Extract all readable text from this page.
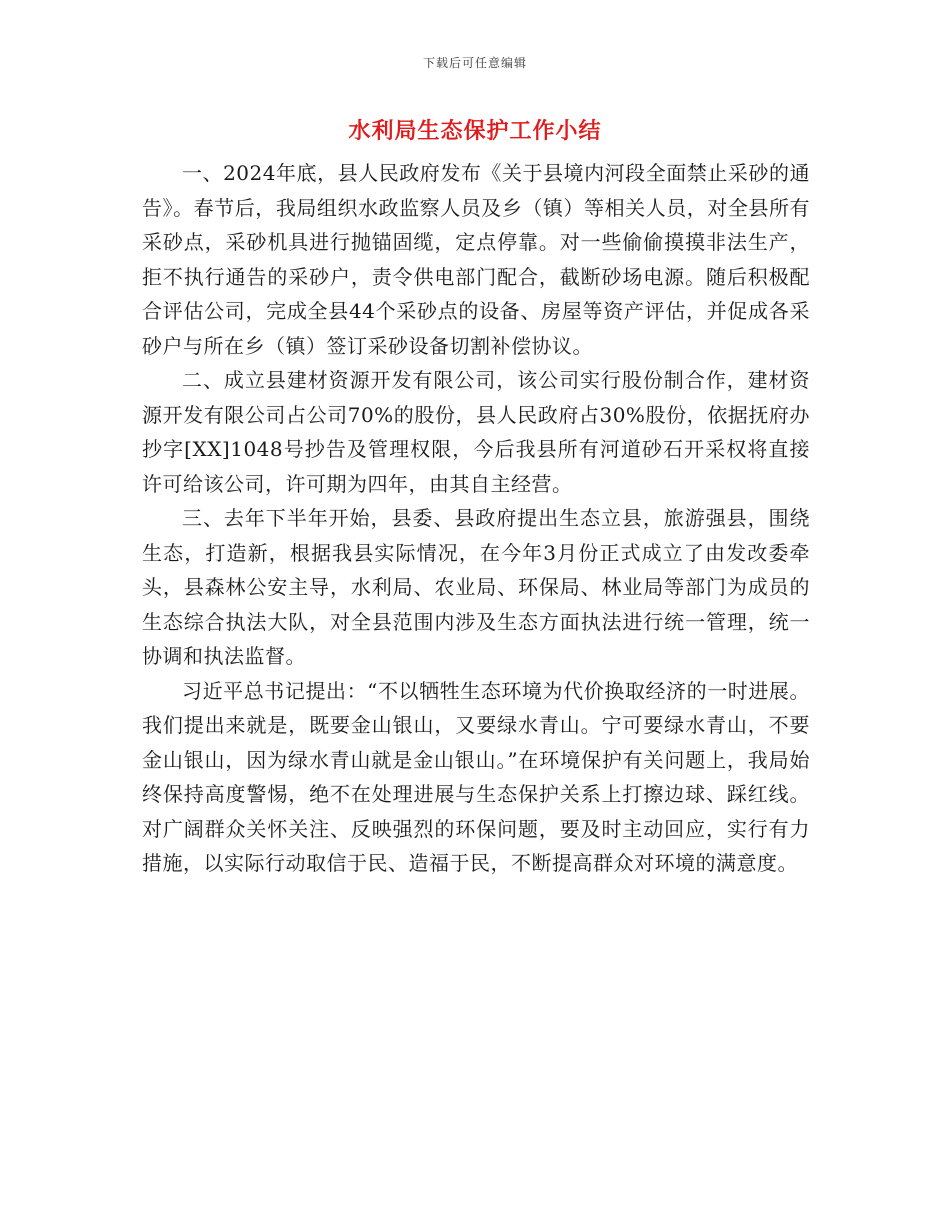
下载后可任意编辑
水利局生态保护工作小结

一、2024年底，县人民政府发布《关于县境内河段全面禁止采砂的通告》。春节后，我局组织水政监察人员及乡（镇）等相关人员，对全县所有采砂点，采砂机具进行抛锚固缆，定点停靠。对一些偷偷摸摸非法生产，拒不执行通告的采砂户，责令供电部门配合，截断砂场电源。随后积极配合评估公司，完成全县44个采砂点的设备、房屋等资产评估，并促成各采砂户与所在乡（镇）签订采砂设备切割补偿协议。

二、成立县建材资源开发有限公司，该公司实行股份制合作，建材资源开发有限公司占公司70%的股份，县人民政府占30%股份，依据抚府办抄字[XX]1048号抄告及管理权限，今后我县所有河道砂石开采权将直接许可给该公司，许可期为四年，由其自主经营。

三、去年下半年开始，县委、县政府提出生态立县，旅游强县，围绕生态，打造新，根据我县实际情况，在今年3月份正式成立了由发改委牵头，县森林公安主导，水利局、农业局、环保局、林业局等部门为成员的生态综合执法大队，对全县范围内涉及生态方面执法进行统一管理，统一协调和执法监督。

习近平总书记提出：“不以牺牲生态环境为代价换取经济的一时进展。我们提出来就是，既要金山银山，又要绿水青山。宁可要绿水青山，不要金山银山，因为绿水青山就是金山银山。”在环境保护有关问题上，我局始终保持高度警惕，绝不在处理进展与生态保护关系上打擦边球、踩红线。对广阔群众关怀关注、反映强烈的环保问题，要及时主动回应，实行有力措施，以实际行动取信于民、造福于民，不断提高群众对环境的满意度。
